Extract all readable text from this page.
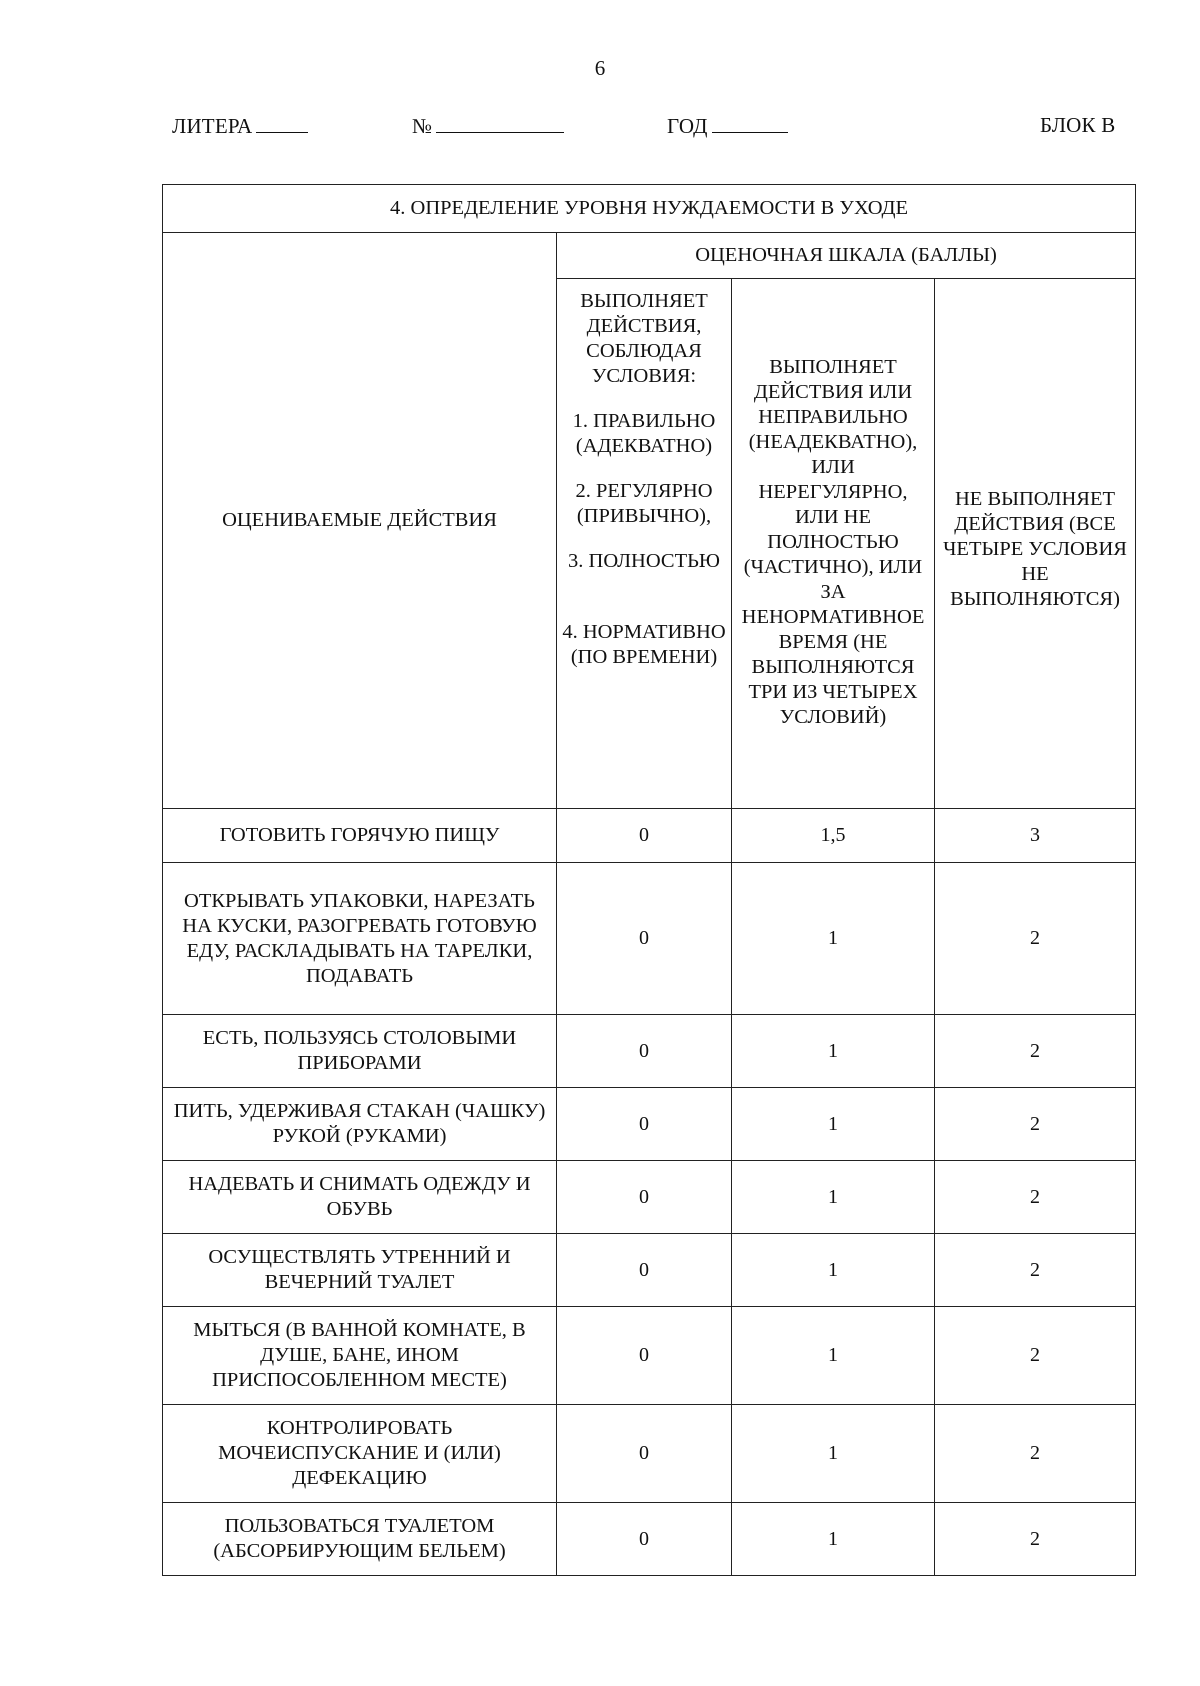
6
ЛИТЕРА	№	ГОД	БЛОК В
4. ОПРЕДЕЛЕНИЕ УРОВНЯ НУЖДАЕМОСТИ В УХОДЕ			
ОЦЕНИВАЕМЫЕ ДЕЙСТВИЯ	ОЦЕНОЧНАЯ ШКАЛА (БАЛЛЫ)		

	ВЫПОЛНЯЕТ ДЕЙСТВИЯ, СОБЛЮДАЯ УСЛОВИЯ:
1. ПРАВИЛЬНО (АДЕКВАТНО)
2. РЕГУЛЯРНО (ПРИВЫЧНО),
3. ПОЛНОСТЬЮ
4. НОРМАТИВНО (ПО ВРЕМЕНИ)	ВЫПОЛНЯЕТ ДЕЙСТВИЯ ИЛИ НЕПРАВИЛЬНО (НЕАДЕКВАТНО), ИЛИ НЕРЕГУЛЯРНО, ИЛИ НЕ ПОЛНОСТЬЮ (ЧАСТИЧНО), ИЛИ ЗА НЕНОРМАТИВНОЕ ВРЕМЯ (НЕ ВЫПОЛНЯЮТСЯ ТРИ ИЗ ЧЕТЫРЕХ УСЛОВИЙ)	НЕ ВЫПОЛНЯЕТ ДЕЙСТВИЯ (ВСЕ ЧЕТЫРЕ УСЛОВИЯ НЕ ВЫПОЛНЯЮТСЯ)
ГОТОВИТЬ ГОРЯЧУЮ ПИЩУ	0	1,5	3
ОТКРЫВАТЬ УПАКОВКИ, НАРЕЗАТЬ НА КУСКИ, РАЗОГРЕВАТЬ ГОТОВУЮ ЕДУ, РАСКЛАДЫВАТЬ НА ТАРЕЛКИ, ПОДАВАТЬ	0	1	2
ЕСТЬ, ПОЛЬЗУЯСЬ СТОЛОВЫМИ ПРИБОРАМИ	0	1	2
ПИТЬ, УДЕРЖИВАЯ СТАКАН (ЧАШКУ) РУКОЙ (РУКАМИ)	0	1	2
НАДЕВАТЬ И СНИМАТЬ ОДЕЖДУ И ОБУВЬ	0	1	2
ОСУЩЕСТВЛЯТЬ УТРЕННИЙ И ВЕЧЕРНИЙ ТУАЛЕТ	0	1	2
МЫТЬСЯ (В ВАННОЙ КОМНАТЕ, В ДУШЕ, БАНЕ, ИНОМ ПРИСПОСОБЛЕННОМ МЕСТЕ)	0	1	2
КОНТРОЛИРОВАТЬ МОЧЕИСПУСКАНИЕ И (ИЛИ) ДЕФЕКАЦИЮ	0	1	2
ПОЛЬЗОВАТЬСЯ ТУАЛЕТОМ (АБСОРБИРУЮЩИМ БЕЛЬЕМ)	0	1	2
